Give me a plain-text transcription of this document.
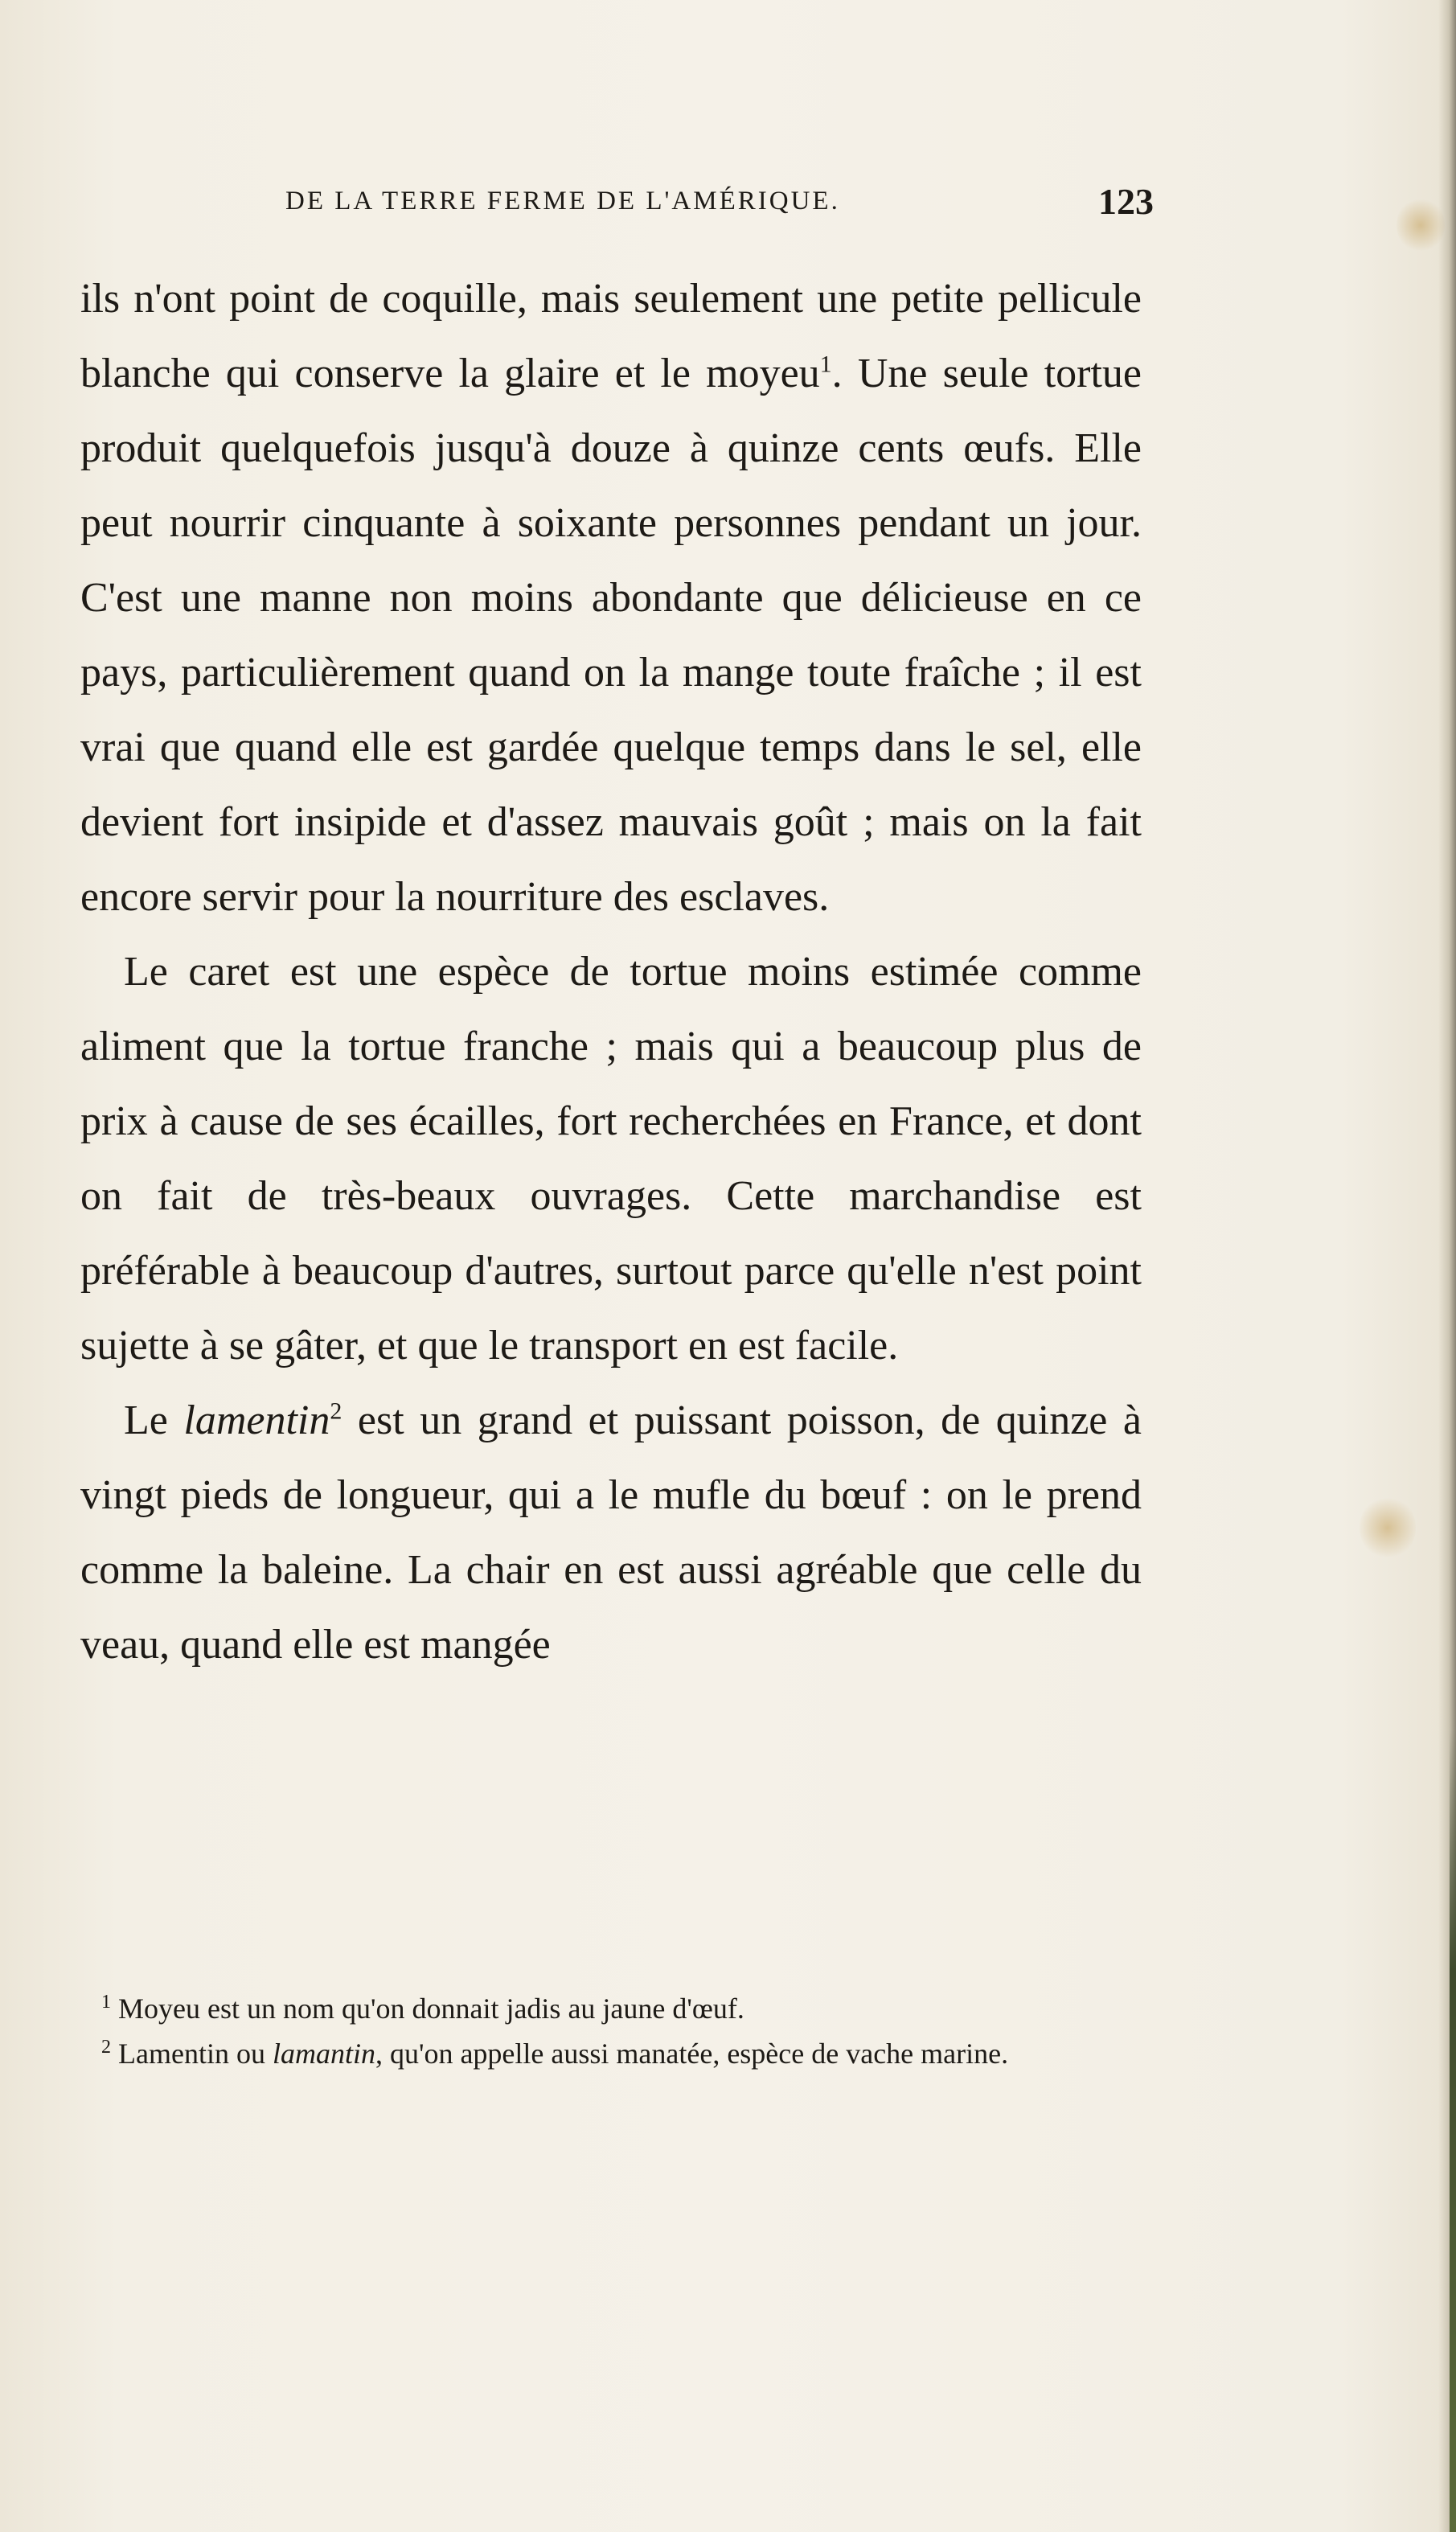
DE LA TERRE FERME DE L'AMÉRIQUE.	123

ils n'ont point de coquille, mais seulement une petite pellicule blanche qui conserve la glaire et le moyeu$^1$. Une seule tortue produit quelquefois jusqu'à douze à quinze cents œufs. Elle peut nourrir cinquante à soixante personnes pendant un jour. C'est une manne non moins abondante que délicieuse en ce pays, particulièrement quand on la mange toute fraîche ; il est vrai que quand elle est gardée quelque temps dans le sel, elle devient fort insipide et d'assez mauvais goût ; mais on la fait encore servir pour la nourriture des esclaves.

Le caret est une espèce de tortue moins estimée comme aliment que la tortue franche ; mais qui a beaucoup plus de prix à cause de ses écailles, fort recherchées en France, et dont on fait de très-beaux ouvrages. Cette marchandise est préférable à beaucoup d'autres, surtout parce qu'elle n'est point sujette à se gâter, et que le transport en est facile.

Le lamentin$^2$ est un grand et puissant poisson, de quinze à vingt pieds de longueur, qui a le mufle du bœuf : on le prend comme la baleine. La chair en est aussi agréable que celle du veau, quand elle est mangée

$^1$ Moyeu est un nom qu'on donnait jadis au jaune d'œuf.

$^2$ Lamentin ou lamantin, qu'on appelle aussi manatée, espèce de vache marine.
